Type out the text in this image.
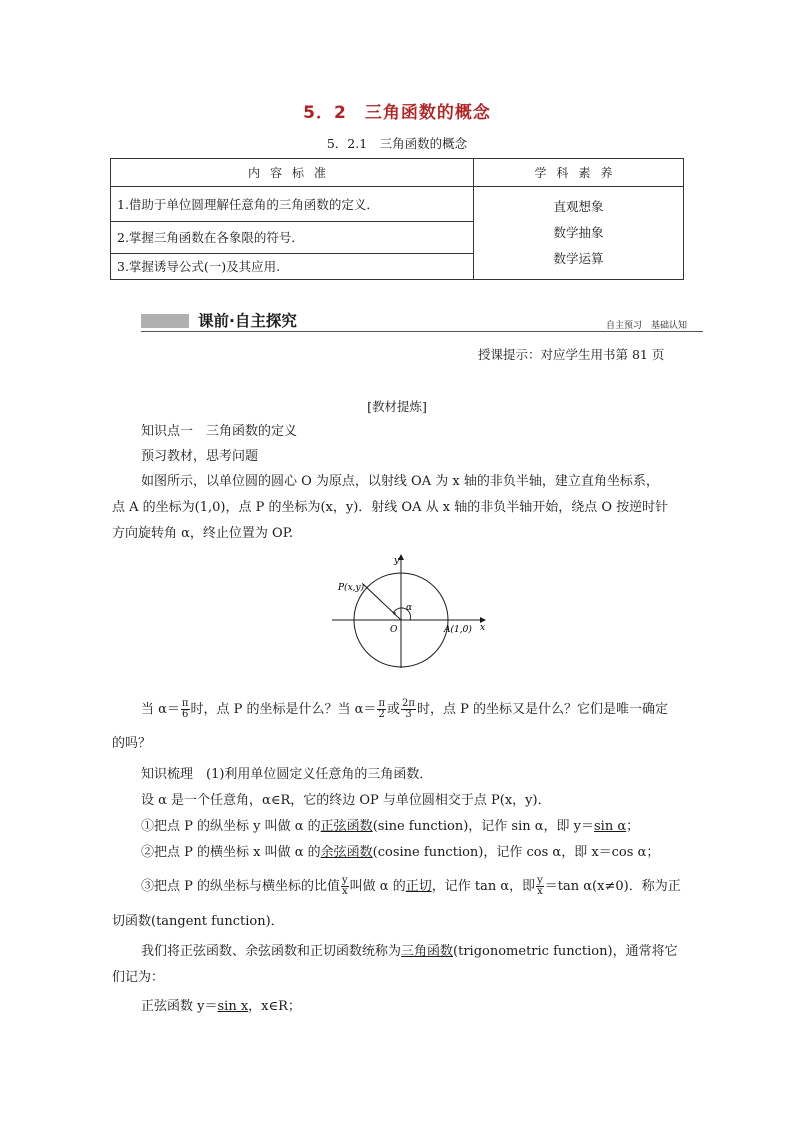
5．2　三角函数的概念
5．2.1　三角函数的概念
内容标准	学科素养
1.借助于单位圆理解任意角的三角函数的定义．	直观想象
数学抽象
数学运算

2.掌握三角函数在各象限的符号．	
3.掌握诱导公式(一)及其应用.	
课前·自主探究	自主预习　基础认知
授课提示：对应学生用书第 81 页
[教材提炼]
知识点一　三角函数的定义
预习教材，思考问题
如图所示，以单位圆的圆心 O 为原点，以射线 OA 为 x 轴的非负半轴，建立直角坐标系，
点 A 的坐标为(1,0)，点 P 的坐标为(x，y)．射线 OA 从 x 轴的非负半轴开始，绕点 O 按逆时针
方向旋转角 α，终止位置为 OP.
y
x
O
P(x,y)
A(1,0)
α
当 $\alpha= \frac{\pi}{6}$ 时，点 P 的坐标是什么？当 $\alpha= \frac{\pi}{2}$ 或 $\frac{2\pi}{3}$ 时，点 P 的坐标又是什么？它们是唯一确定
的吗？
知识梳理　(1)利用单位圆定义任意角的三角函数．
设 α 是一个任意角，α∈R，它的终边 OP 与单位圆相交于点 P(x，y)．
①把点 P 的纵坐标 y 叫做 α 的正弦函数(sine function)，记作 sin α，即 y＝sin α；
②把点 P 的横坐标 x 叫做 α 的余弦函数(cosine function)，记作 cos α，即 x＝cos α；
③把点 P 的纵坐标与横坐标的比值 $\frac{y}{x}$ 叫做 α 的正切，记作 tan α，即 $\frac{y}{x} =\tan$ α(x≠0)．称为正
切函数(tangent function)．
我们将正弦函数、余弦函数和正切函数统称为三角函数(trigonometric function)，通常将它
们记为：
正弦函数 y＝sin x，x∈R；
